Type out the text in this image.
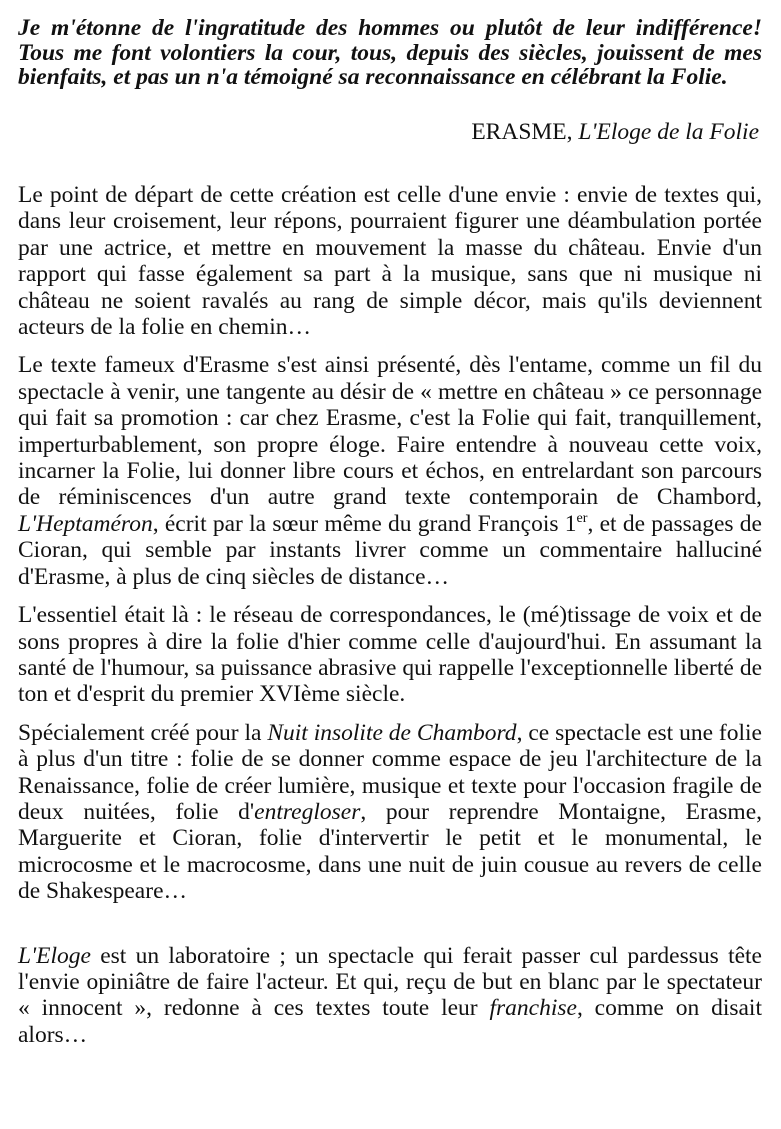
Je m'étonne de l'ingratitude des hommes ou plutôt de leur indifférence! Tous me font volontiers la cour, tous, depuis des siècles, jouissent de mes bienfaits, et pas un n'a témoigné sa reconnaissance en célébrant la Folie.
ERASME, L'Eloge de la Folie

Le point de départ de cette création est celle d'une envie : envie de textes qui, dans leur croisement, leur répons, pourraient figurer une déambulation portée par une actrice, et mettre en mouvement la masse du château. Envie d'un rapport qui fasse également sa part à la musique, sans que ni musique ni château ne soient ravalés au rang de simple décor, mais qu'ils deviennent acteurs de la folie en chemin…

Le texte fameux d'Erasme s'est ainsi présenté, dès l'entame, comme un fil du spectacle à venir, une tangente au désir de « mettre en château » ce personnage qui fait sa promotion : car chez Erasme, c'est la Folie qui fait, tranquillement, imperturbablement, son propre éloge. Faire entendre à nouveau cette voix, incarner la Folie, lui donner libre cours et échos, en entrelardant son parcours de réminiscences d'un autre grand texte contemporain de Chambord, L'Heptaméron, écrit par la sœur même du grand François 1er, et de passages de Cioran, qui semble par instants livrer comme un commentaire halluciné d'Erasme, à plus de cinq siècles de distance…

L'essentiel était là : le réseau de correspondances, le (mé)tissage de voix et de sons propres à dire la folie d'hier comme celle d'aujourd'hui. En assumant la santé de l'humour, sa puissance abrasive qui rappelle l'exceptionnelle liberté de ton et d'esprit du premier XVIème siècle.

Spécialement créé pour la Nuit insolite de Chambord, ce spectacle est une folie à plus d'un titre : folie de se donner comme espace de jeu l'architecture de la Renaissance, folie de créer lumière, musique et texte pour l'occasion fragile de deux nuitées, folie d'entregloser, pour reprendre Montaigne, Erasme, Marguerite et Cioran, folie d'intervertir le petit et le monumental, le microcosme et le macrocosme, dans une nuit de juin cousue au revers de celle de Shakespeare…

L'Eloge est un laboratoire ; un spectacle qui ferait passer cul pardessus tête l'envie opiniâtre de faire l'acteur. Et qui, reçu de but en blanc par le spectateur « innocent », redonne à ces textes toute leur franchise, comme on disait alors…
